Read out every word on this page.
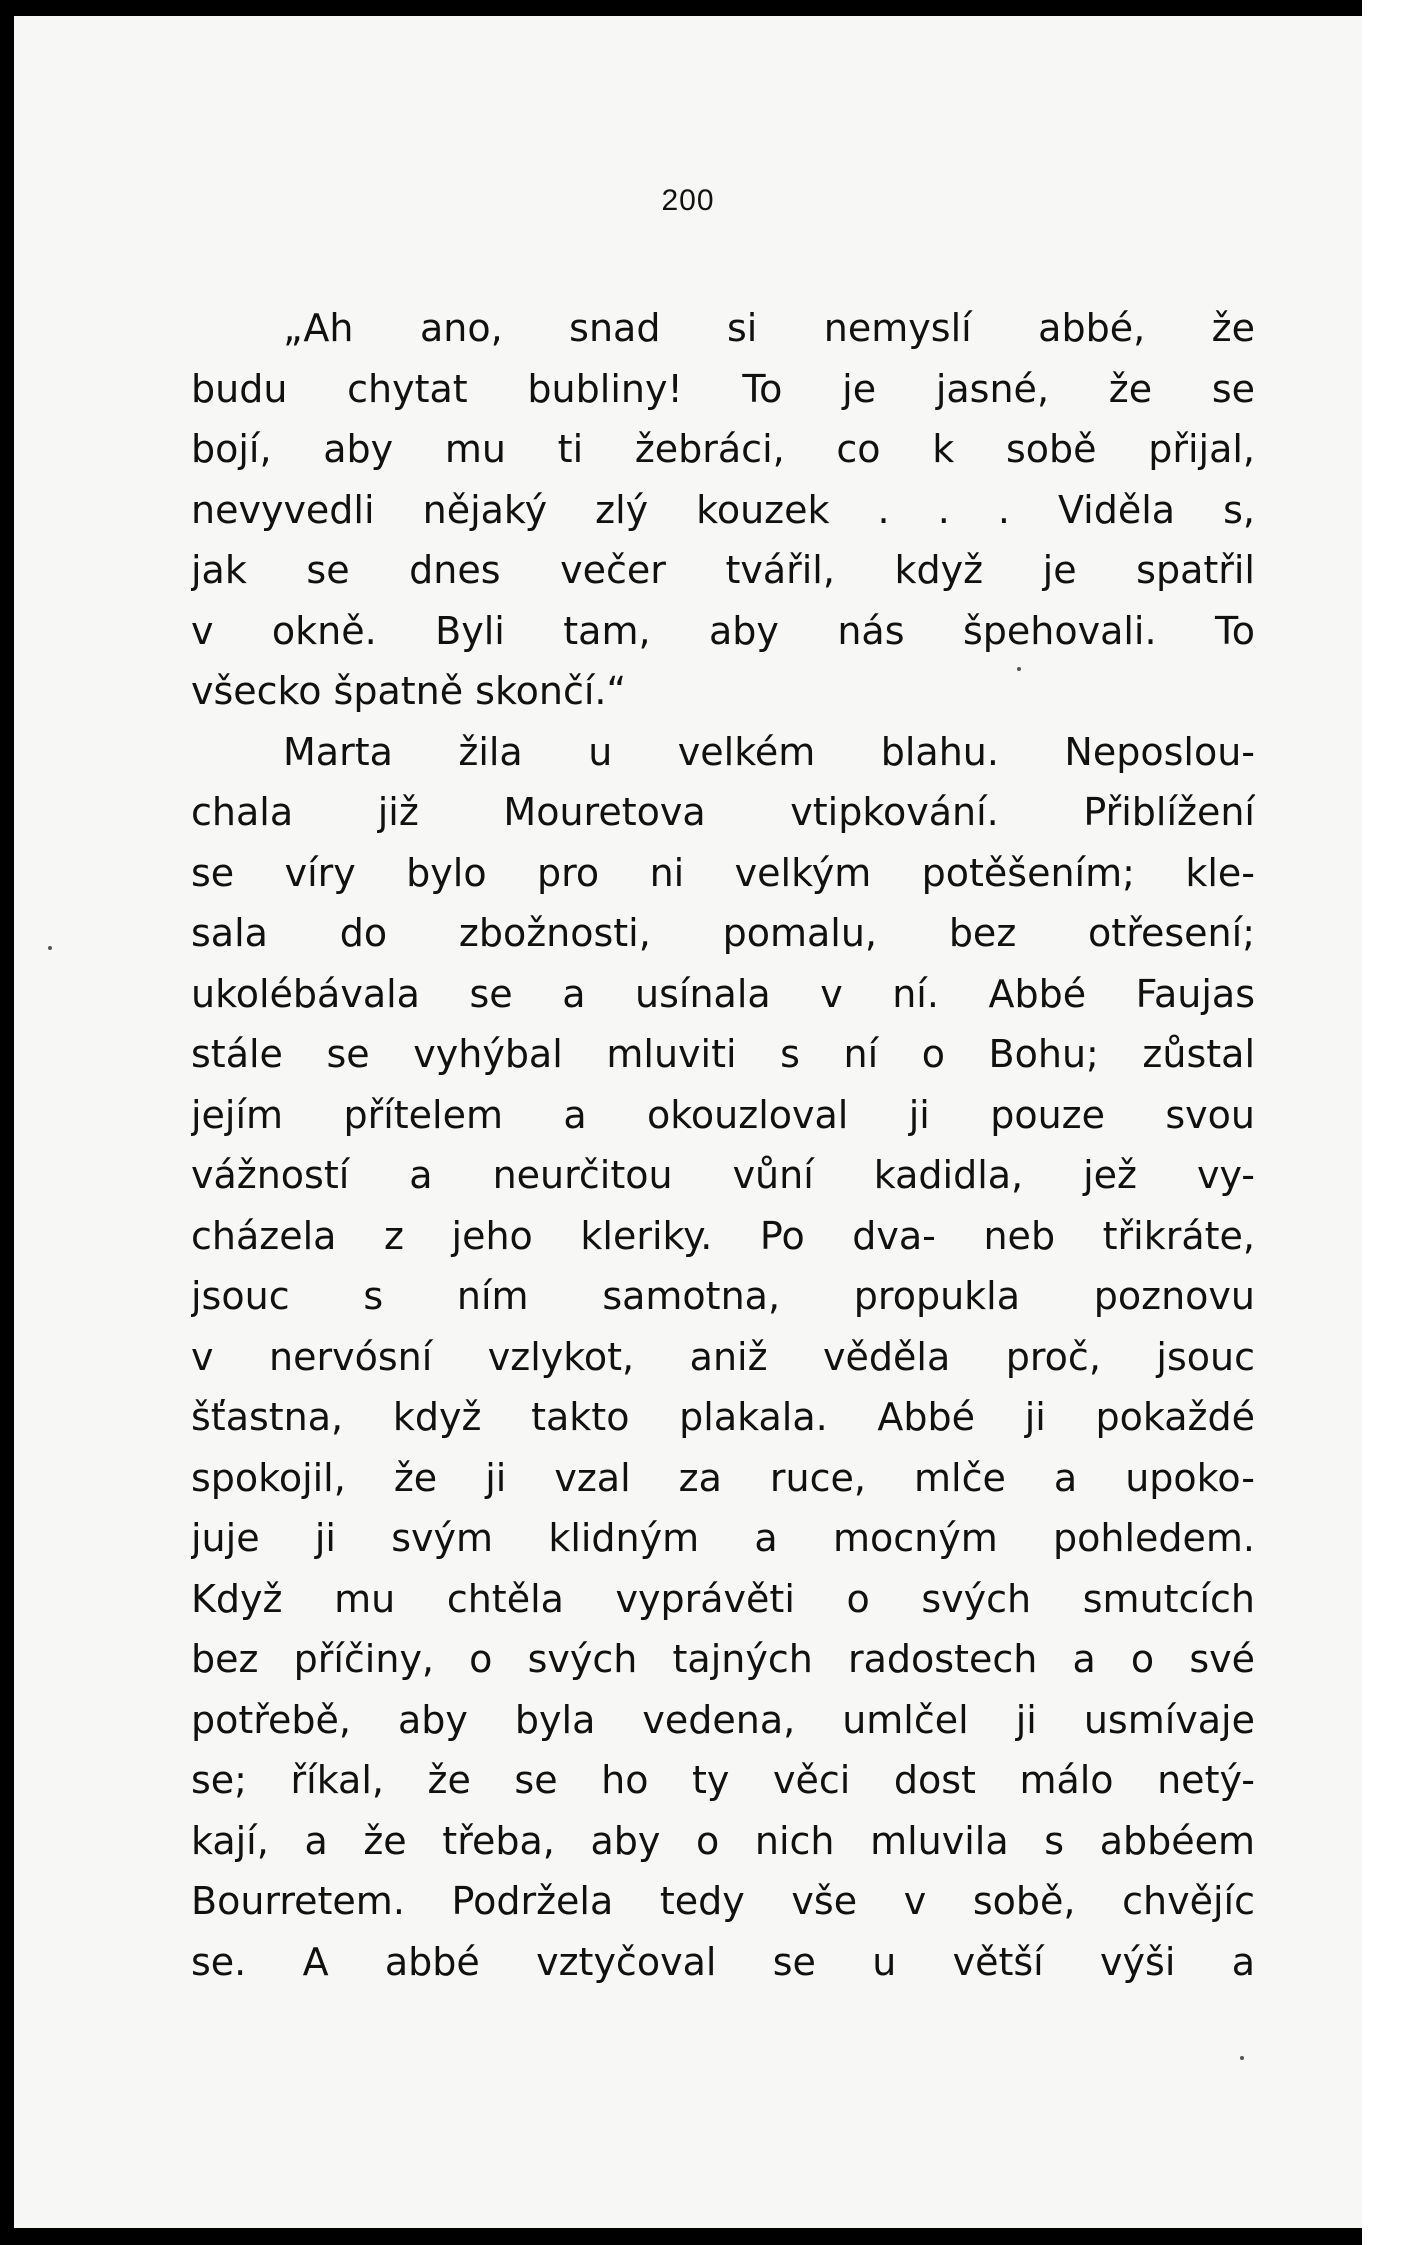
200
„Ah ano, snad si nemyslí abbé, že
budu chytat bubliny! To je jasné, že se
bojí, aby mu ti žebráci, co k sobě přijal,
nevyvedli nějaký zlý kouzek . . . Viděla s,
jak se dnes večer tvářil, když je spatřil
v okně. Byli tam, aby nás špehovali. To
všecko špatně skončí.“
Marta žila u velkém blahu. Neposlou-
chala již Mouretova vtipkování. Přiblížení
se víry bylo pro ni velkým potěšením; kle-
sala do zbožnosti, pomalu, bez otřesení;
ukolébávala se a usínala v ní. Abbé Faujas
stále se vyhýbal mluviti s ní o Bohu; zůstal
jejím přítelem a okouzloval ji pouze svou
vážností a neurčitou vůní kadidla, jež vy-
cházela z jeho kleriky. Po dva- neb třikráte,
jsouc s ním samotna, propukla poznovu
v nervósní vzlykot, aniž věděla proč, jsouc
šťastna, když takto plakala. Abbé ji pokaždé
spokojil, že ji vzal za ruce, mlče a upoko-
juje ji svým klidným a mocným pohledem.
Když mu chtěla vyprávěti o svých smutcích
bez příčiny, o svých tajných radostech a o své
potřebě, aby byla vedena, umlčel ji usmívaje
se; říkal, že se ho ty věci dost málo netý-
kají, a že třeba, aby o nich mluvila s abbéem
Bourretem. Podržela tedy vše v sobě, chvějíc
se. A abbé vztyčoval se u větší výši a
